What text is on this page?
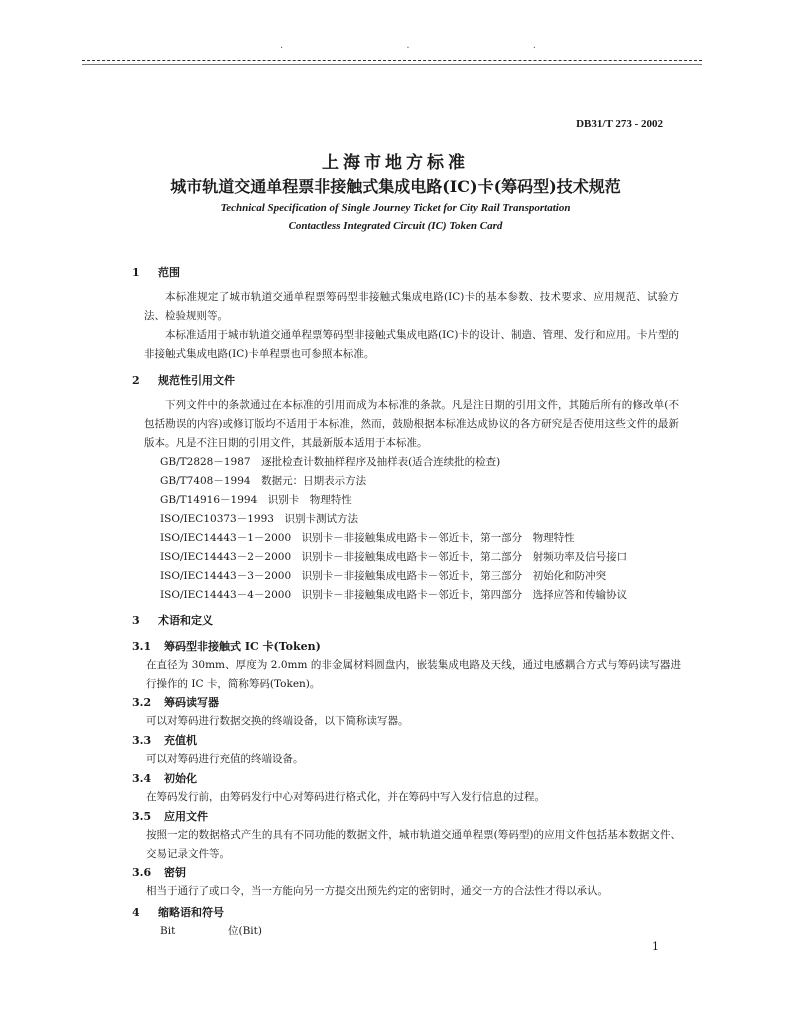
. . .
DB31/T 273 - 2002
上海市地方标准
城市轨道交通单程票非接触式集成电路(IC)卡(筹码型)技术规范
Technical Specification of Single Journey Ticket for City Rail Transportation
Contactless Integrated Circuit (IC) Token Card
1 范围
本标准规定了城市轨道交通单程票筹码型非接触式集成电路(IC)卡的基本参数、技术要求、应用规范、试验方法、检验规则等。
本标准适用于城市轨道交通单程票筹码型非接触式集成电路(IC)卡的设计、制造、管理、发行和应用。卡片型的非接触式集成电路(IC)卡单程票也可参照本标准。
2 规范性引用文件
下列文件中的条款通过在本标准的引用而成为本标准的条款。凡是注日期的引用文件，其随后所有的修改单(不包括勘误的内容)或修订版均不适用于本标准，然而，鼓励根据本标准达成协议的各方研究是否使用这些文件的最新版本。凡是不注日期的引用文件，其最新版本适用于本标准。
GB/T2828－1987　逐批检查计数抽样程序及抽样表(适合连续批的检查)
GB/T7408－1994　数据元：日期表示方法
GB/T14916－1994　识别卡　物理特性
ISO/IEC10373－1993　识别卡测试方法
ISO/IEC14443－1－2000　识别卡－非接触集成电路卡－邻近卡，第一部分　物理特性
ISO/IEC14443－2－2000　识别卡－非接触集成电路卡－邻近卡，第二部分　射频功率及信号接口
ISO/IEC14443－3－2000　识别卡－非接触集成电路卡－邻近卡，第三部分　初始化和防冲突
ISO/IEC14443－4－2000　识别卡－非接触集成电路卡－邻近卡，第四部分　选择应答和传输协议
3 术语和定义
3.1 筹码型非接触式 IC 卡(Token)
在直径为 30mm、厚度为 2.0mm 的非金属材料圆盘内，嵌装集成电路及天线，通过电感耦合方式与筹码读写器进行操作的 IC 卡，简称筹码(Token)。
3.2 筹码读写器
可以对筹码进行数据交换的终端设备，以下简称读写器。
3.3 充值机
可以对筹码进行充值的终端设备。
3.4 初始化
在筹码发行前，由筹码发行中心对筹码进行格式化，并在筹码中写入发行信息的过程。
3.5 应用文件
按照一定的数据格式产生的具有不同功能的数据文件，城市轨道交通单程票(筹码型)的应用文件包括基本数据文件、交易记录文件等。
3.6 密钥
相当于通行了或口令，当一方能向另一方提交出预先约定的密钥时，通交一方的合法性才得以承认。
4 缩略语和符号
Bit	位(Bit)
1
